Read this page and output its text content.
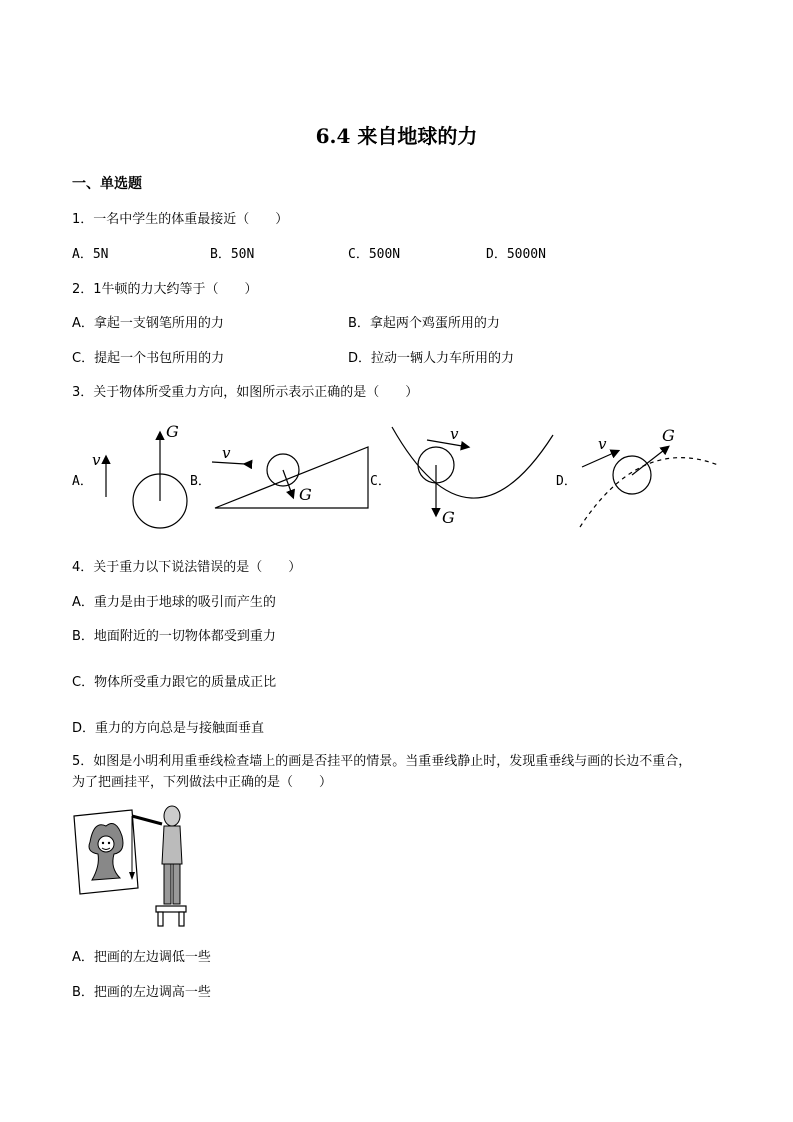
6.4 来自地球的力
一、单选题
1．一名中学生的体重最接近（　　）
A．5N	B．50N	C．500N	D．5000N
2．1牛顿的力大约等于（　　）
A．拿起一支钢笔所用的力	B．拿起两个鸡蛋所用的力
C．提起一个书包所用的力	D．拉动一辆人力车所用的力
3．关于物体所受重力方向，如图所示表示正确的是（　　）
A．	B．	C．	D．
v
G
v
G
v
G
v	G
4．关于重力以下说法错误的是（　　）
A．重力是由于地球的吸引而产生的
B．地面附近的一切物体都受到重力
C．物体所受重力跟它的质量成正比
D．重力的方向总是与接触面垂直
5．如图是小明利用重垂线检查墙上的画是否挂平的情景。当重垂线静止时，发现重垂线与画的长边不重合，
为了把画挂平，下列做法中正确的是（　　）
A．把画的左边调低一些
B．把画的左边调高一些
